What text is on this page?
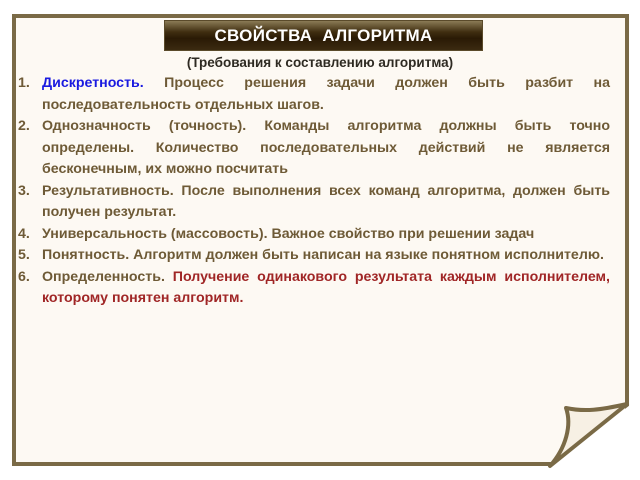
СВОЙСТВА  АЛГОРИТМА
(Требования к составлению алгоритма)
1. Дискретность. Процесс решения задачи должен быть разбит на последовательность отдельных шагов.
2. Однозначность (точность). Команды алгоритма должны быть точно определены. Количество последовательных действий не является бесконечным, их можно посчитать
3. Результативность. После выполнения всех команд алгоритма, должен быть получен результат.
4. Универсальность (массовость). Важное свойство при решении задач
5. Понятность. Алгоритм должен быть написан на языке понятном исполнителю.
6. Определенность. Получение одинакового результата каждым исполнителем, которому понятен алгоритм.
